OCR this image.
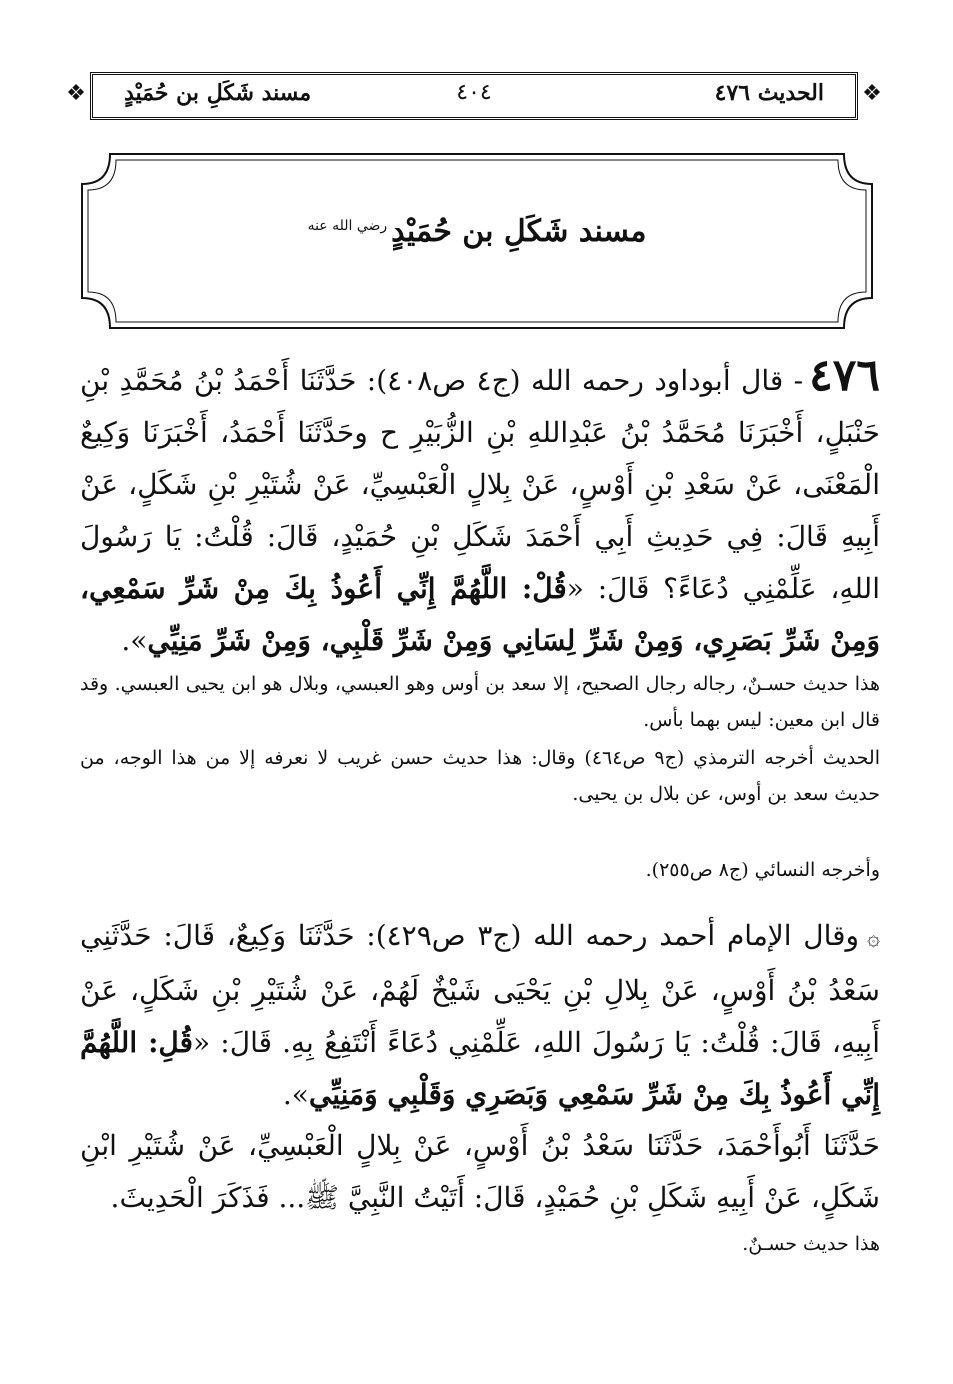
❖	الحديث ٤٧٦
٤٠٤
مسند شَكَلِ بن حُمَيْدٍ	❖
مسند شَكَلِ بن حُمَيْدٍ$^{رضي الله عنه}$
٤٧٦- قال أبوداود رحمه الله (ج٤ ص٤٠٨): حَدَّثَنَا أَحْمَدُ بْنُ مُحَمَّدِ بْنِ حَنْبَلٍ، أَخْبَرَنَا مُحَمَّدُ بْنُ عَبْدِاللهِ بْنِ الزُّبَيْرِ ح وحَدَّثَنَا أَحْمَدُ، أَخْبَرَنَا وَكِيعٌ الْمَعْنَى، عَنْ سَعْدِ بْنِ أَوْسٍ، عَنْ بِلالٍ الْعَبْسِيِّ، عَنْ شُتَيْرِ بْنِ شَكَلٍ، عَنْ أَبِيهِ قَالَ: فِي حَدِيثِ أَبِي أَحْمَدَ شَكَلِ بْنِ حُمَيْدٍ، قَالَ: قُلْتُ: يَا رَسُولَ اللهِ، عَلِّمْنِي دُعَاءً؟ قَالَ: «قُلْ: اللَّهُمَّ إِنِّي أَعُوذُ بِكَ مِنْ شَرِّ سَمْعِي، وَمِنْ شَرِّ بَصَرِي، وَمِنْ شَرِّ لِسَانِي وَمِنْ شَرِّ قَلْبِي، وَمِنْ شَرِّ مَنِيِّي».
هذا حديث حسـنٌ، رجاله رجال الصحيح، إلا سعد بن أوس وهو العبسي، وبلال هو ابن يحيى العبسي. وقد قال ابن معين: ليس بهما بأس.
الحديث أخرجه الترمذي (ج٩ ص٤٦٤) وقال: هذا حديث حسن غريب لا نعرفه إلا من هذا الوجه، من حديث سعد بن أوس، عن بلال بن يحيى.
وأخرجه النسائي (ج٨ ص٢٥٥).
۞وقال الإمام أحمد رحمه الله (ج٣ ص٤٢٩): حَدَّثَنَا وَكِيعٌ، قَالَ: حَدَّثَنِي سَعْدُ بْنُ أَوْسٍ، عَنْ بِلالِ بْنِ يَحْيَى شَيْخٌ لَهُمْ، عَنْ شُتَيْرِ بْنِ شَكَلٍ، عَنْ أَبِيهِ، قَالَ: قُلْتُ: يَا رَسُولَ اللهِ، عَلِّمْنِي دُعَاءً أَنْتَفِعُ بِهِ. قَالَ: «قُلِ: اللَّهُمَّ إِنِّي أَعُوذُ بِكَ مِنْ شَرِّ سَمْعِي وَبَصَرِي وَقَلْبِي وَمَنِيِّي».
حَدَّثَنَا أَبُوأَحْمَدَ، حَدَّثَنَا سَعْدُ بْنُ أَوْسٍ، عَنْ بِلالٍ الْعَبْسِيِّ، عَنْ شُتَيْرِ ابْنِ شَكَلٍ، عَنْ أَبِيهِ شَكَلِ بْنِ حُمَيْدٍ، قَالَ: أَتَيْتُ النَّبِيَّ ﷺ... فَذَكَرَ الْحَدِيثَ.
هذا حديث حسـنٌ.
